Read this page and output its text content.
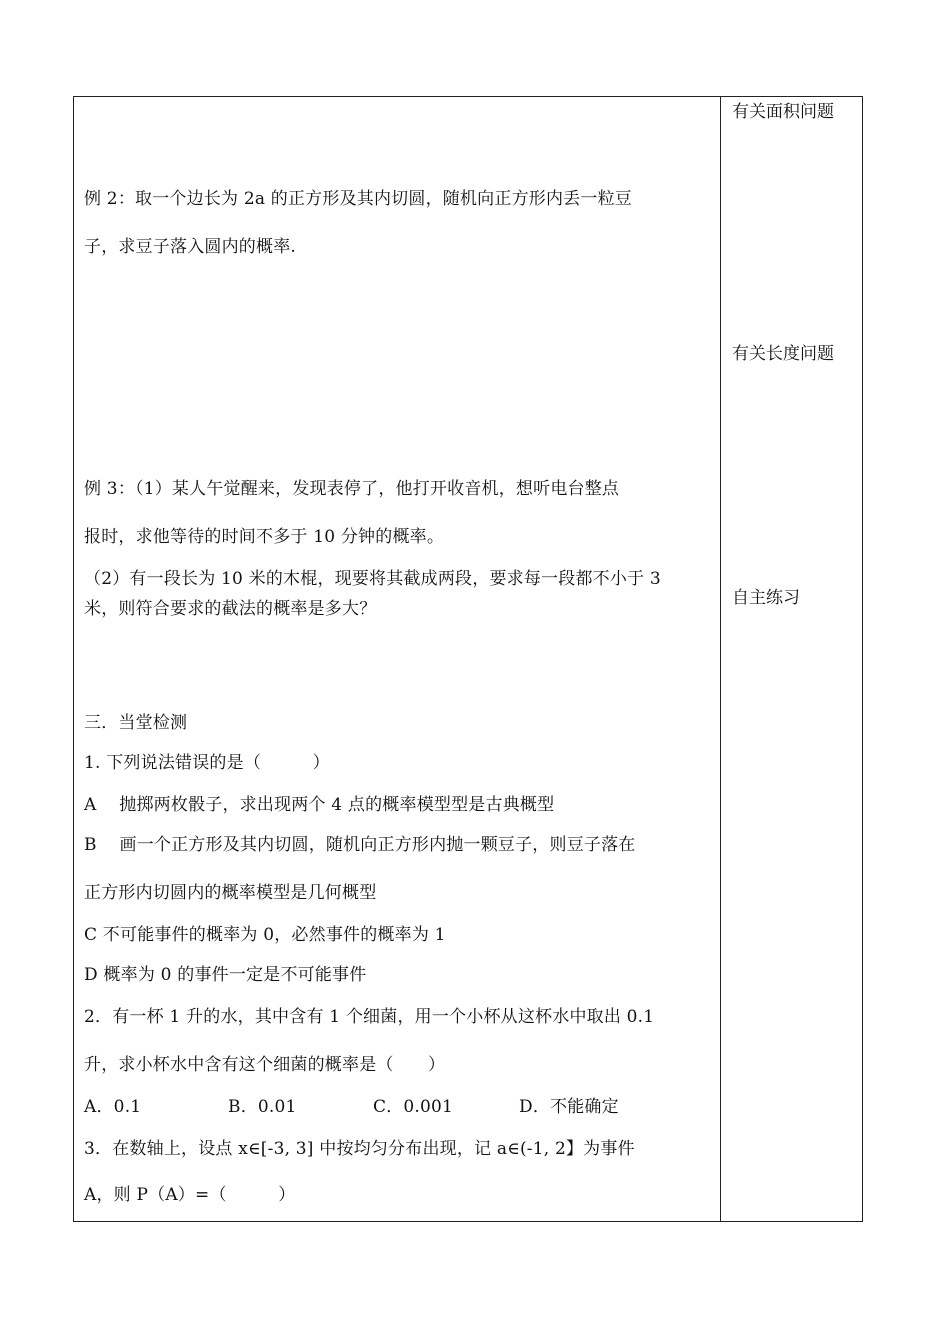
有关面积问题
有关长度问题
自主练习
例 2：取一个边长为 2a 的正方形及其内切圆，随机向正方形内丢一粒豆
子，求豆子落入圆内的概率.
例 3：（1）某人午觉醒来，发现表停了，他打开收音机，想听电台整点
报时，求他等待的时间不多于 10 分钟的概率。
（2）有一段长为 10 米的木棍，现要将其截成两段，要求每一段都不小于 3
米，则符合要求的截法的概率是多大？
三．当堂检测
1. 下列说法错误的是（　　　）
A　 抛掷两枚骰子，求出现两个 4 点的概率模型型是古典概型
B　 画一个正方形及其内切圆，随机向正方形内抛一颗豆子，则豆子落在
正方形内切圆内的概率模型是几何概型
C 不可能事件的概率为 0，必然事件的概率为 1
D 概率为 0 的事件一定是不可能事件
2．有一杯 1 升的水，其中含有 1 个细菌，用一个小杯从这杯水中取出 0.1
升，求小杯水中含有这个细菌的概率是（　　）
A．0.1	B．0.01	C．0.001	D．不能确定
3．在数轴上，设点 x∈[-3, 3] 中按均匀分布出现，记 a∈(-1, 2】为事件
A，则 P（A）=（　　　）
